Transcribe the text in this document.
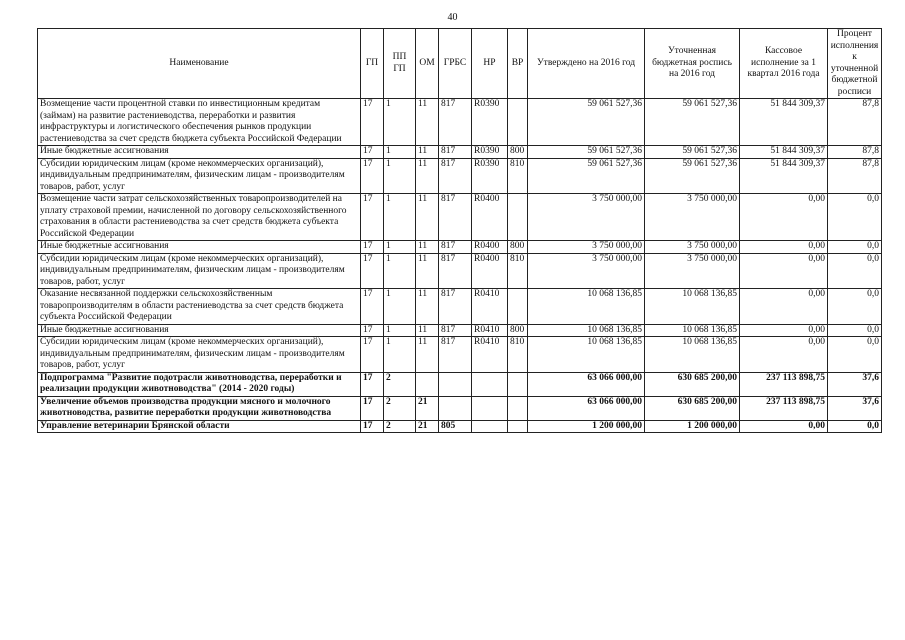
40
Наименование	ГП	ПП ГП	ОМ	ГРБС	НР	ВР	Утверждено на 2016 год	Уточненная бюджетная роспись на 2016 год	Кассовое исполнение за 1 квартал 2016 года	Процент исполнения к уточненной бюджетной росписи
Возмещение части процентной ставки по инвестиционным кредитам (займам) на развитие растениеводства, переработки и развития инфраструктуры и логистического обеспечения рынков продукции растениеводства за счет средств бюджета субъекта Российской Федерации	17	1	11	817	R0390		59 061 527,36	59 061 527,36	51 844 309,37	87,8
Иные бюджетные ассигнования	17	1	11	817	R0390	800	59 061 527,36	59 061 527,36	51 844 309,37	87,8
Субсидии юридическим лицам (кроме некоммерческих организаций), индивидуальным предпринимателям, физическим лицам - производителям товаров, работ, услуг	17	1	11	817	R0390	810	59 061 527,36	59 061 527,36	51 844 309,37	87,8
Возмещение части затрат сельскохозяйственных товаропроизводителей на уплату страховой премии, начисленной по договору сельскохозяйственного страхования в области растениеводства за счет средств бюджета субъекта Российской Федерации	17	1	11	817	R0400		3 750 000,00	3 750 000,00	0,00	0,0
Иные бюджетные ассигнования	17	1	11	817	R0400	800	3 750 000,00	3 750 000,00	0,00	0,0
Субсидии юридическим лицам (кроме некоммерческих организаций), индивидуальным предпринимателям, физическим лицам - производителям товаров, работ, услуг	17	1	11	817	R0400	810	3 750 000,00	3 750 000,00	0,00	0,0
Оказание несвязанной поддержки сельскохозяйственным товаропроизводителям в области растениеводства за счет средств бюджета субъекта Российской Федерации	17	1	11	817	R0410		10 068 136,85	10 068 136,85	0,00	0,0
Иные бюджетные ассигнования	17	1	11	817	R0410	800	10 068 136,85	10 068 136,85	0,00	0,0
Субсидии юридическим лицам (кроме некоммерческих организаций), индивидуальным предпринимателям, физическим лицам - производителям товаров, работ, услуг	17	1	11	817	R0410	810	10 068 136,85	10 068 136,85	0,00	0,0
Подпрограмма "Развитие подотрасли животноводства, переработки и реализации продукции животноводства" (2014 - 2020 годы)	17	2					63 066 000,00	630 685 200,00	237 113 898,75	37,6
Увеличение объемов производства продукции мясного и молочного животноводства, развитие переработки продукции животноводства	17	2	21				63 066 000,00	630 685 200,00	237 113 898,75	37,6
Управление ветеринарии Брянской области	17	2	21	805			1 200 000,00	1 200 000,00	0,00	0,0
